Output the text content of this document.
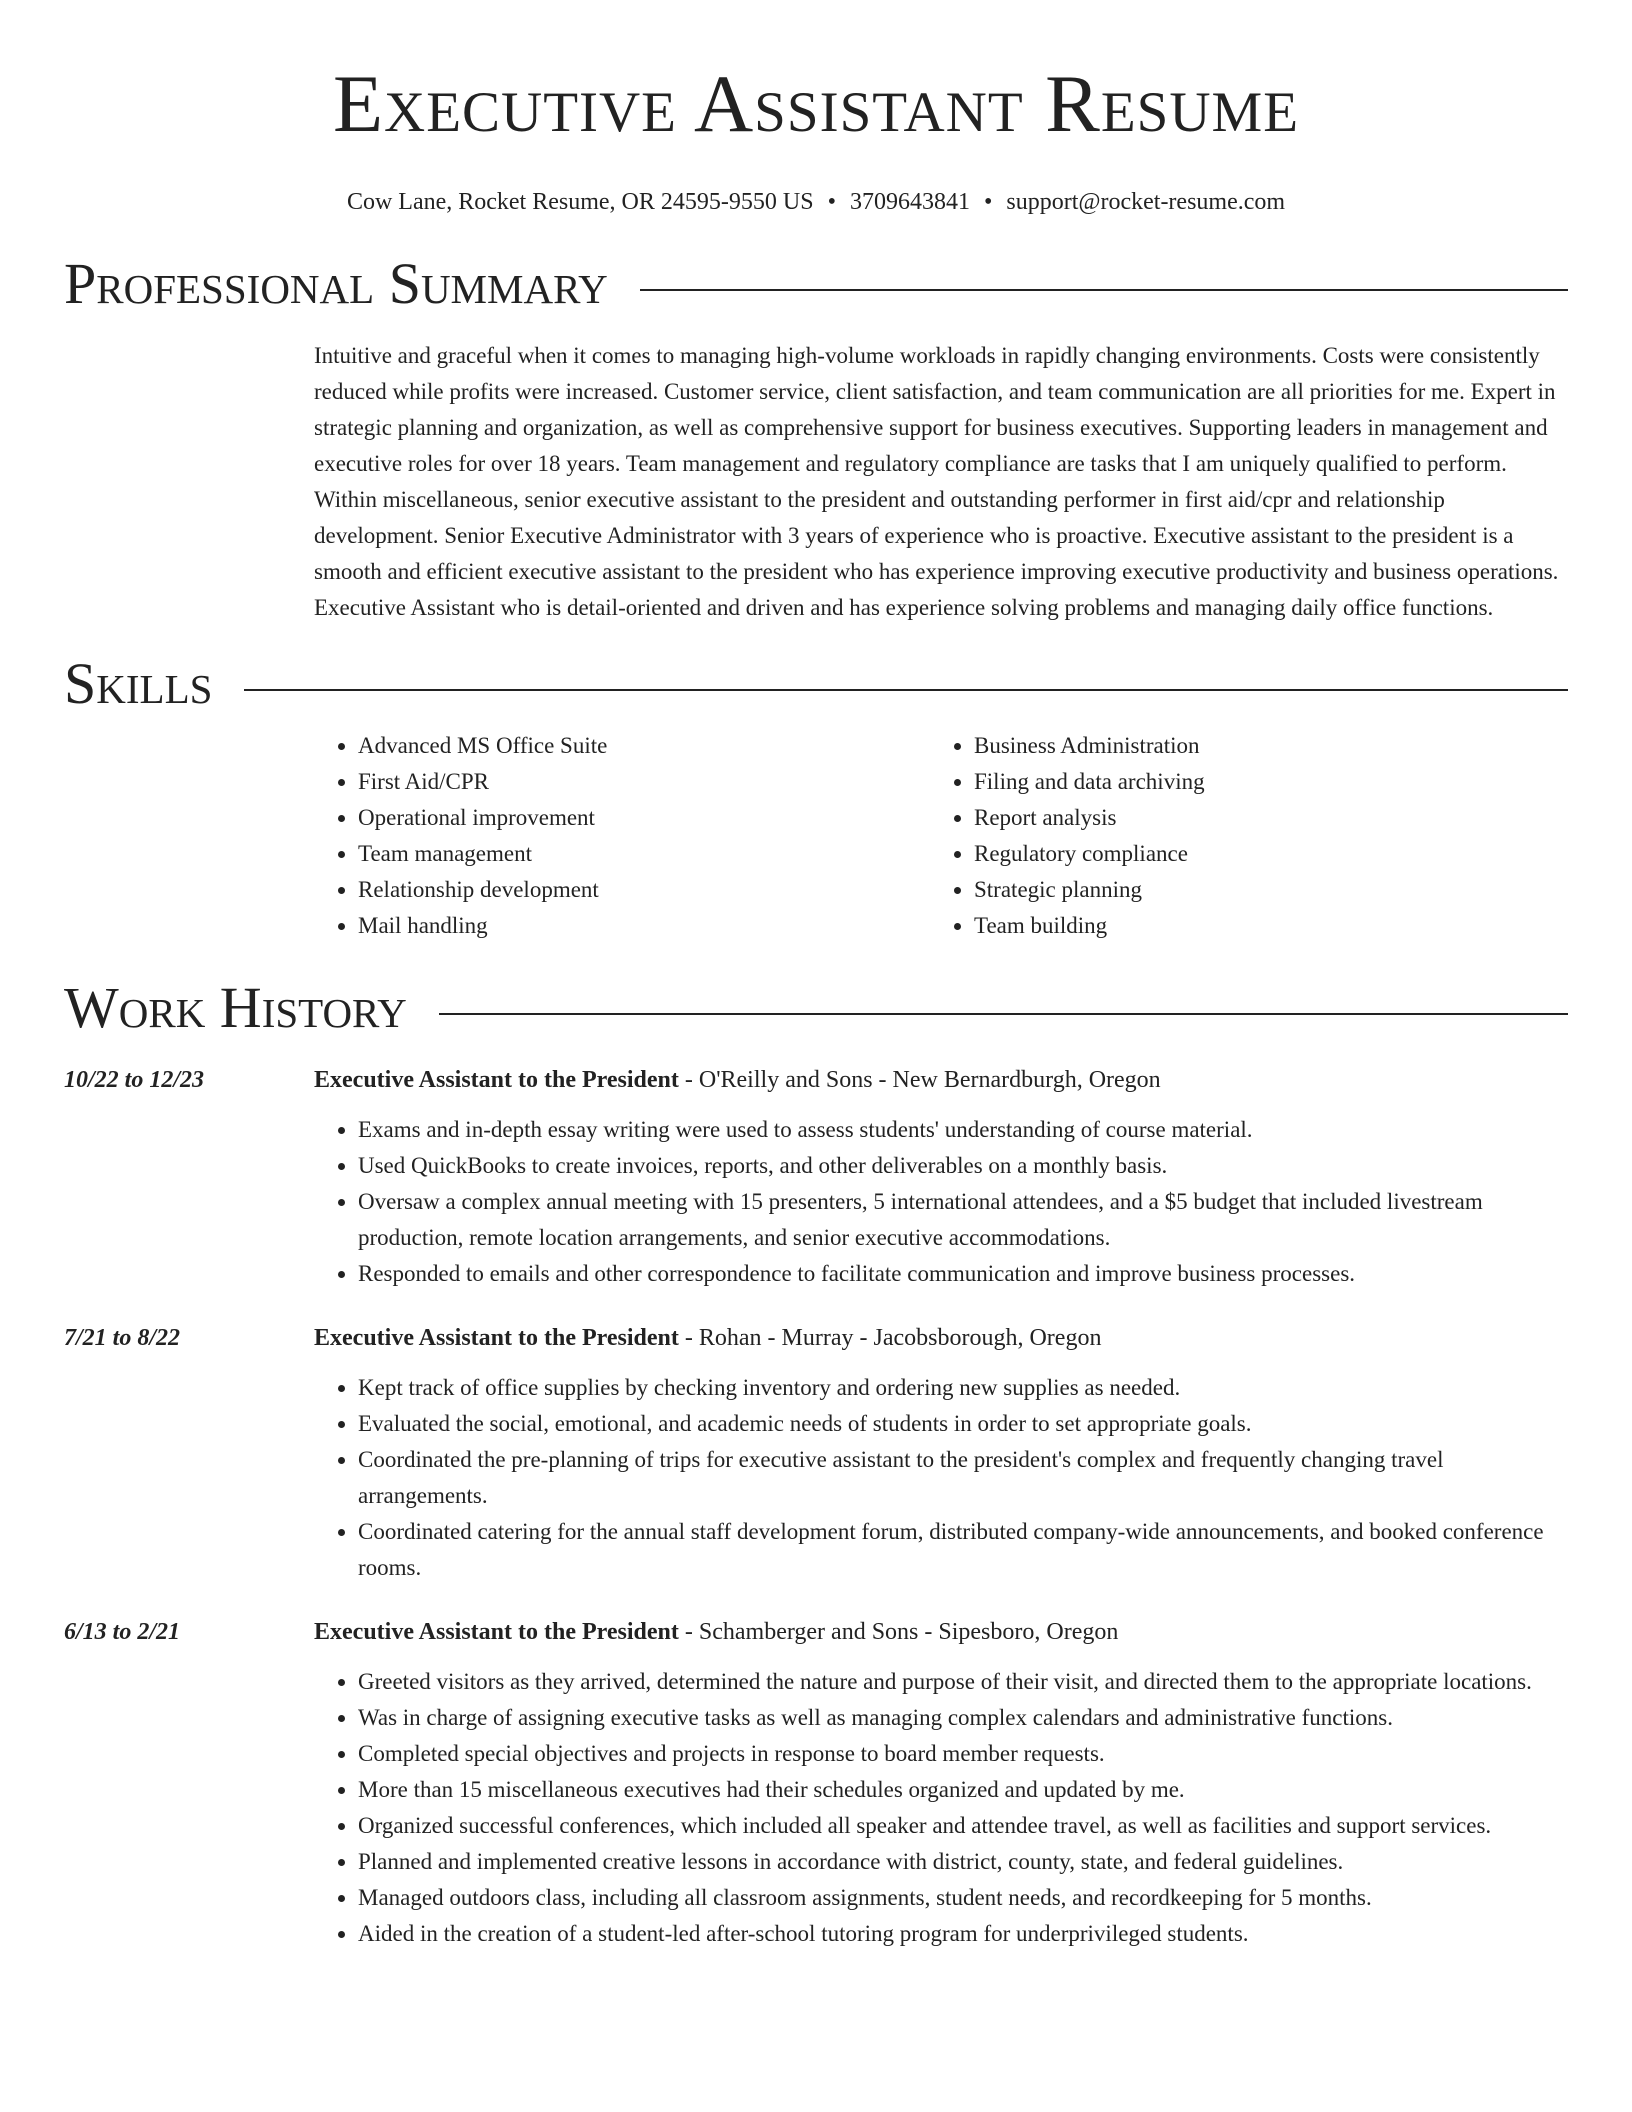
Executive Assistant Resume
Cow Lane, Rocket Resume, OR 24595-9550 US • 3709643841 • support@rocket-resume.com
Professional Summary
Intuitive and graceful when it comes to managing high-volume workloads in rapidly changing environments. Costs were consistently reduced while profits were increased. Customer service, client satisfaction, and team communication are all priorities for me. Expert in strategic planning and organization, as well as comprehensive support for business executives. Supporting leaders in management and executive roles for over 18 years. Team management and regulatory compliance are tasks that I am uniquely qualified to perform. Within miscellaneous, senior executive assistant to the president and outstanding performer in first aid/cpr and relationship development. Senior Executive Administrator with 3 years of experience who is proactive. Executive assistant to the president is a smooth and efficient executive assistant to the president who has experience improving executive productivity and business operations. Executive Assistant who is detail-oriented and driven and has experience solving problems and managing daily office functions.
Skills
• Advanced MS Office Suite
• First Aid/CPR
• Operational improvement
• Team management
• Relationship development
• Mail handling
• Business Administration
• Filing and data archiving
• Report analysis
• Regulatory compliance
• Strategic planning
• Team building
Work History
10/22 to 12/23	Executive Assistant to the President - O'Reilly and Sons - New Bernardburgh, Oregon
• Exams and in-depth essay writing were used to assess students' understanding of course material.
• Used QuickBooks to create invoices, reports, and other deliverables on a monthly basis.
• Oversaw a complex annual meeting with 15 presenters, 5 international attendees, and a $5 budget that included livestream production, remote location arrangements, and senior executive accommodations.
• Responded to emails and other correspondence to facilitate communication and improve business processes.
7/21 to 8/22	Executive Assistant to the President - Rohan - Murray - Jacobsborough, Oregon
• Kept track of office supplies by checking inventory and ordering new supplies as needed.
• Evaluated the social, emotional, and academic needs of students in order to set appropriate goals.
• Coordinated the pre-planning of trips for executive assistant to the president's complex and frequently changing travel arrangements.
• Coordinated catering for the annual staff development forum, distributed company-wide announcements, and booked conference rooms.
6/13 to 2/21	Executive Assistant to the President - Schamberger and Sons - Sipesboro, Oregon
• Greeted visitors as they arrived, determined the nature and purpose of their visit, and directed them to the appropriate locations.
• Was in charge of assigning executive tasks as well as managing complex calendars and administrative functions.
• Completed special objectives and projects in response to board member requests.
• More than 15 miscellaneous executives had their schedules organized and updated by me.
• Organized successful conferences, which included all speaker and attendee travel, as well as facilities and support services.
• Planned and implemented creative lessons in accordance with district, county, state, and federal guidelines.
• Managed outdoors class, including all classroom assignments, student needs, and recordkeeping for 5 months.
• Aided in the creation of a student-led after-school tutoring program for underprivileged students.
